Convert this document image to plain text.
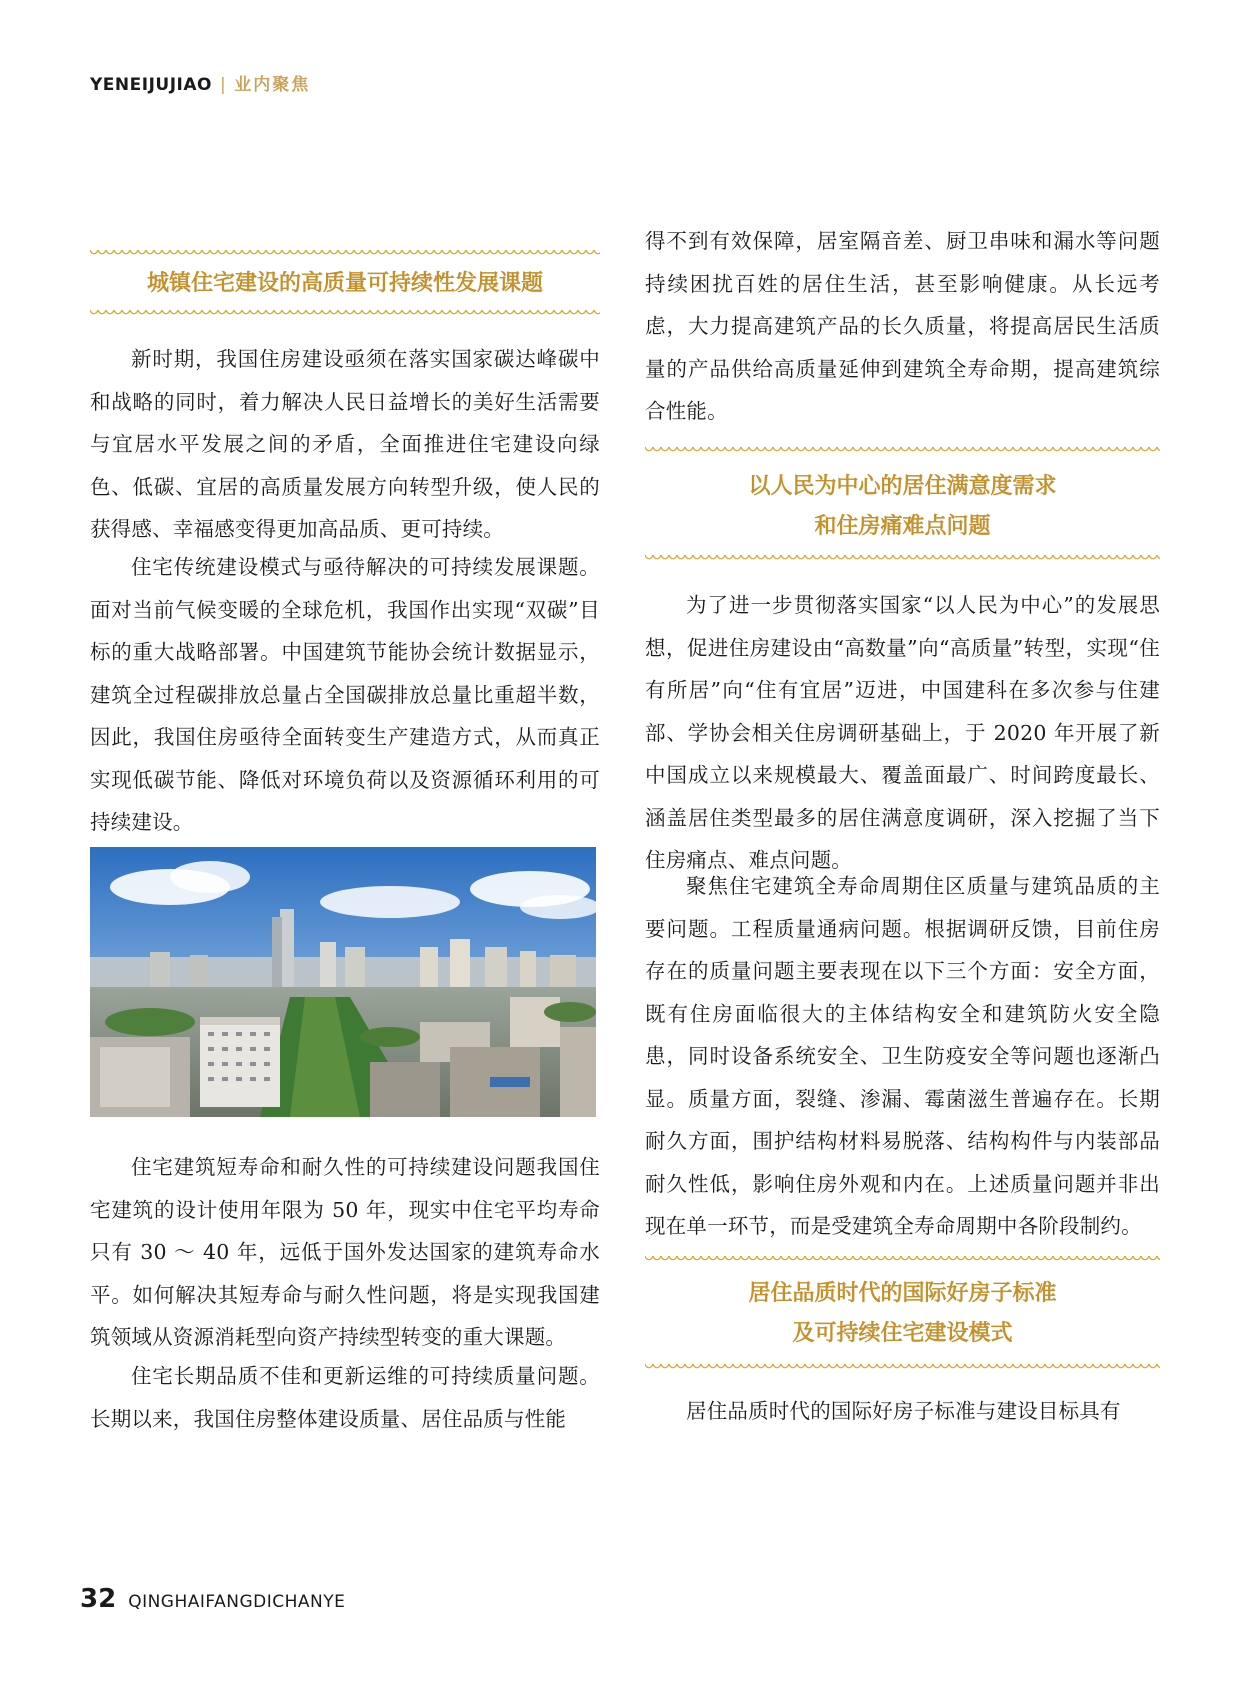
YENEIJUJIAO | 业内聚焦
城镇住宅建设的高质量可持续性发展课题

新时期，我国住房建设亟须在落实国家碳达峰碳中和战略的同时，着力解决人民日益增长的美好生活需要与宜居水平发展之间的矛盾，全面推进住宅建设向绿色、低碳、宜居的高质量发展方向转型升级，使人民的获得感、幸福感变得更加高品质、更可持续。

住宅传统建设模式与亟待解决的可持续发展课题。面对当前气候变暖的全球危机，我国作出实现“双碳”目标的重大战略部署。中国建筑节能协会统计数据显示，建筑全过程碳排放总量占全国碳排放总量比重超半数，因此，我国住房亟待全面转变生产建造方式，从而真正实现低碳节能、降低对环境负荷以及资源循环利用的可持续建设。

住宅建筑短寿命和耐久性的可持续建设问题我国住宅建筑的设计使用年限为 50 年，现实中住宅平均寿命只有 30 ～ 40 年，远低于国外发达国家的建筑寿命水平。如何解决其短寿命与耐久性问题，将是实现我国建筑领域从资源消耗型向资产持续型转变的重大课题。

住宅长期品质不佳和更新运维的可持续质量问题。长期以来，我国住房整体建设质量、居住品质与性能

得不到有效保障，居室隔音差、厨卫串味和漏水等问题持续困扰百姓的居住生活，甚至影响健康。从长远考虑，大力提高建筑产品的长久质量，将提高居民生活质量的产品供给高质量延伸到建筑全寿命期，提高建筑综合性能。

以人民为中心的居住满意度需求
和住房痛难点问题

为了进一步贯彻落实国家“以人民为中心”的发展思想，促进住房建设由“高数量”向“高质量”转型，实现“住有所居”向“住有宜居”迈进，中国建科在多次参与住建部、学协会相关住房调研基础上，于 2020 年开展了新中国成立以来规模最大、覆盖面最广、时间跨度最长、涵盖居住类型最多的居住满意度调研，深入挖掘了当下住房痛点、难点问题。

聚焦住宅建筑全寿命周期住区质量与建筑品质的主要问题。工程质量通病问题。根据调研反馈，目前住房存在的质量问题主要表现在以下三个方面：安全方面，既有住房面临很大的主体结构安全和建筑防火安全隐患，同时设备系统安全、卫生防疫安全等问题也逐渐凸显。质量方面，裂缝、渗漏、霉菌滋生普遍存在。长期耐久方面，围护结构材料易脱落、结构构件与内装部品耐久性低，影响住房外观和内在。上述质量问题并非出现在单一环节，而是受建筑全寿命周期中各阶段制约。

居住品质时代的国际好房子标准
及可持续住宅建设模式

居住品质时代的国际好房子标准与建设目标具有

32 QINGHAIFANGDICHANYE
